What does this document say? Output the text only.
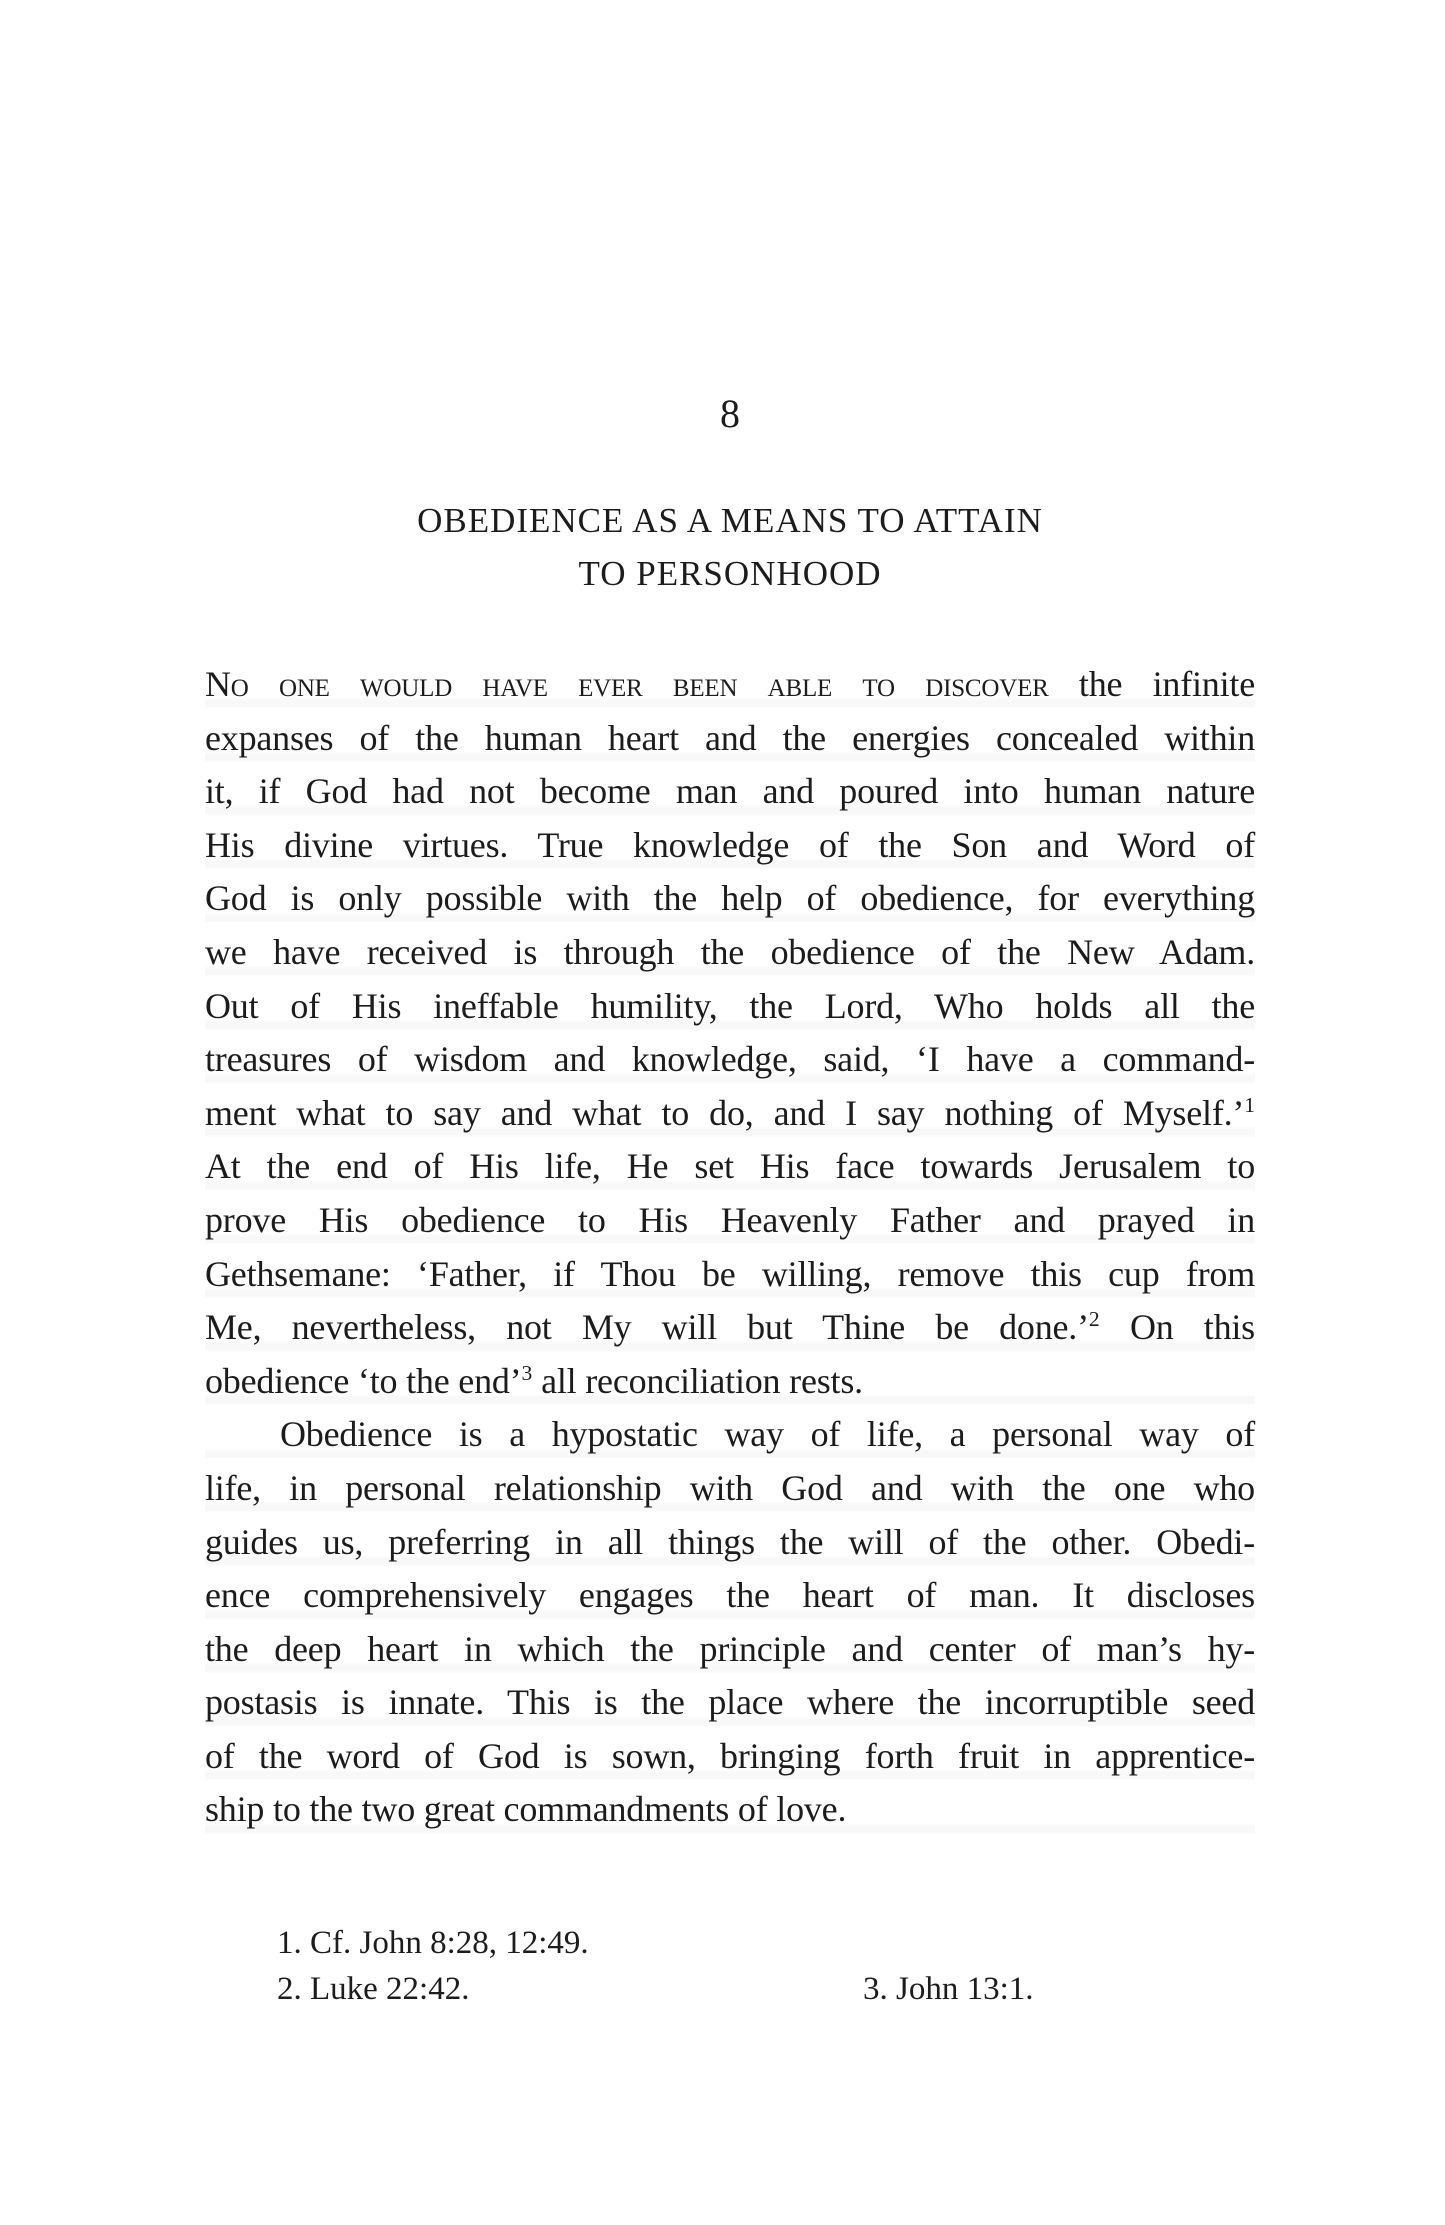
8
OBEDIENCE AS A MEANS TO ATTAIN
TO PERSONHOOD
No one would have ever been able to discover the infinite
expanses of the human heart and the energies concealed within
it, if God had not become man and poured into human nature
His divine virtues. True knowledge of the Son and Word of
God is only possible with the help of obedience, for everything
we have received is through the obedience of the New Adam.
Out of His ineffable humility, the Lord, Who holds all the
treasures of wisdom and knowledge, said, ‘I have a command-
ment what to say and what to do, and I say nothing of Myself.’$^1$
At the end of His life, He set His face towards Jerusalem to
prove His obedience to His Heavenly Father and prayed in
Gethsemane: ‘Father, if Thou be willing, remove this cup from
Me, nevertheless, not My will but Thine be done.’$^2$ On this
obedience ‘to the end’$^3$ all reconciliation rests.
Obedience is a hypostatic way of life, a personal way of
life, in personal relationship with God and with the one who
guides us, preferring in all things the will of the other. Obedi-
ence comprehensively engages the heart of man. It discloses
the deep heart in which the principle and center of man’s hy-
postasis is innate. This is the place where the incorruptible seed
of the word of God is sown, bringing forth fruit in apprentice-
ship to the two great commandments of love.
1. Cf. John 8:28, 12:49.
2. Luke 22:42.	3. John 13:1.
